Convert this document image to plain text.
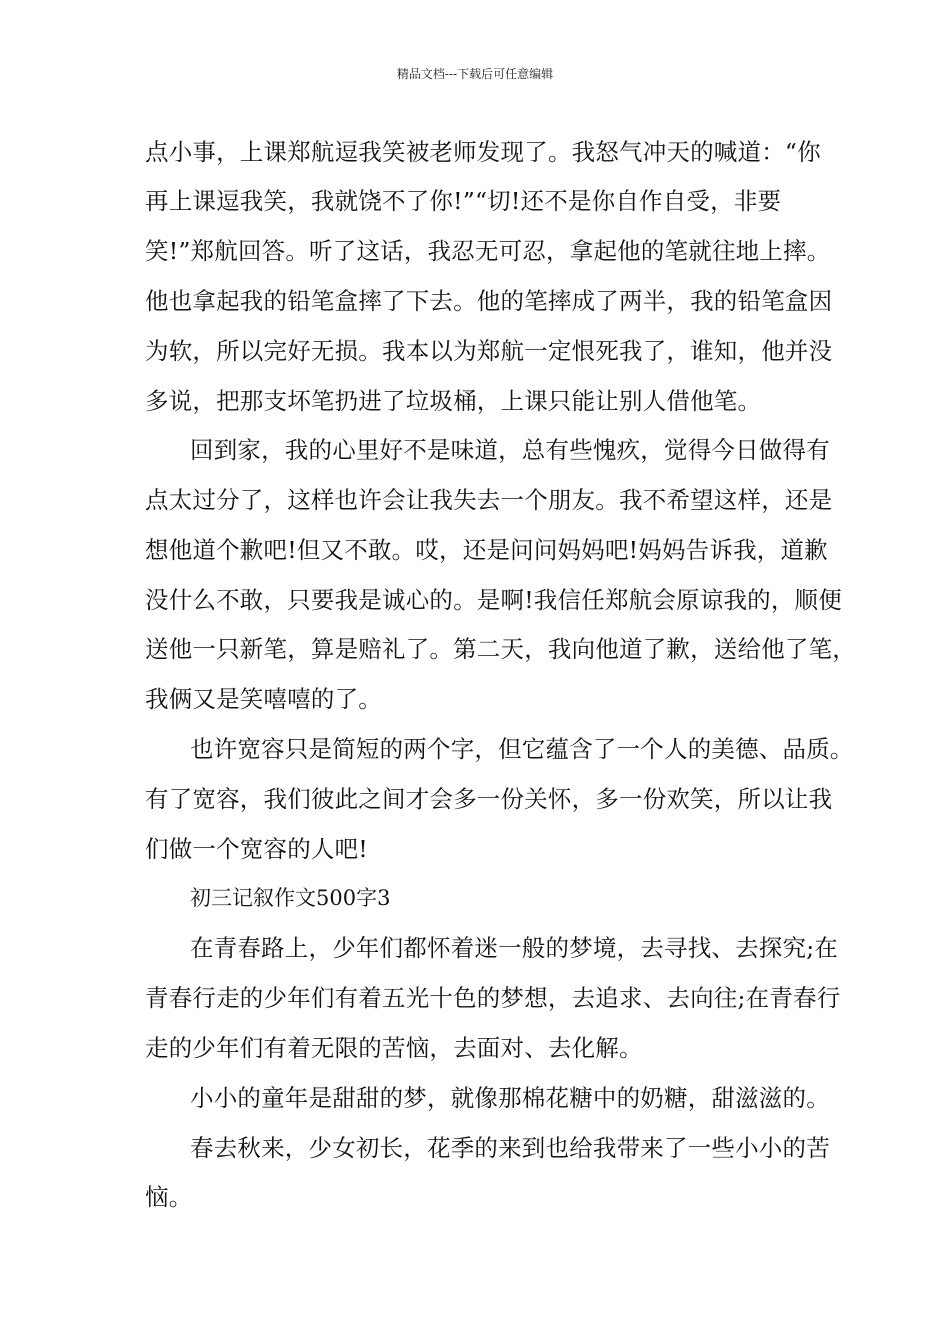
精品文档---下载后可任意编辑
点小事，上课郑航逗我笑被老师发现了。我怒气冲天的喊道：“你
再上课逗我笑，我就饶不了你!”“切!还不是你自作自受，非要
笑!”郑航回答。听了这话，我忍无可忍，拿起他的笔就往地上摔。
他也拿起我的铅笔盒摔了下去。他的笔摔成了两半，我的铅笔盒因
为软，所以完好无损。我本以为郑航一定恨死我了，谁知，他并没
多说，把那支坏笔扔进了垃圾桶，上课只能让别人借他笔。
回到家，我的心里好不是味道，总有些愧疚，觉得今日做得有
点太过分了，这样也许会让我失去一个朋友。我不希望这样，还是
想他道个歉吧!但又不敢。哎，还是问问妈妈吧!妈妈告诉我，道歉
没什么不敢，只要我是诚心的。是啊!我信任郑航会原谅我的，顺便
送他一只新笔，算是赔礼了。第二天，我向他道了歉，送给他了笔，
我俩又是笑嘻嘻的了。
也许宽容只是简短的两个字，但它蕴含了一个人的美德、品质。
有了宽容，我们彼此之间才会多一份关怀，多一份欢笑，所以让我
们做一个宽容的人吧!
初三记叙作文500字3
在青春路上，少年们都怀着迷一般的梦境，去寻找、去探究;在
青春行走的少年们有着五光十色的梦想，去追求、去向往;在青春行
走的少年们有着无限的苦恼，去面对、去化解。
小小的童年是甜甜的梦，就像那棉花糖中的奶糖，甜滋滋的。
春去秋来，少女初长，花季的来到也给我带来了一些小小的苦
恼。
